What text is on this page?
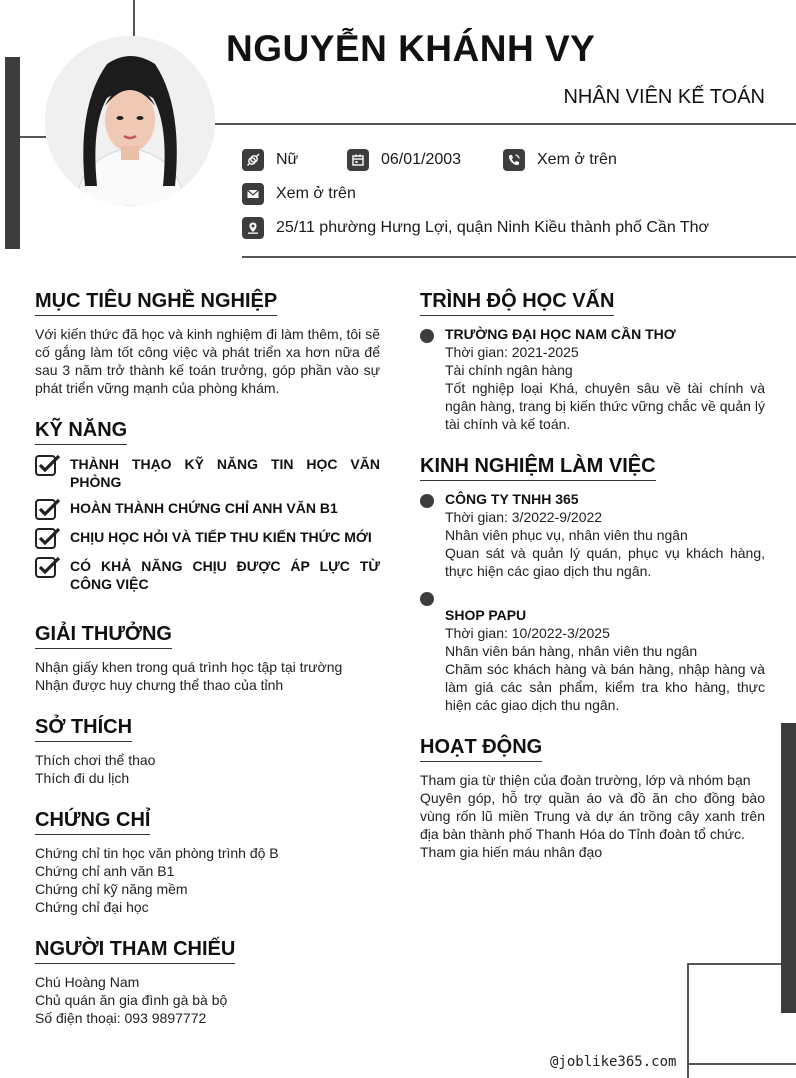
NGUYỄN KHÁNH VY
NHÂN VIÊN KẾ TOÁN
Nữ	06/01/2003	Xem ở trên
Xem ở trên
25/11 phường Hưng Lợi, quận Ninh Kiều thành phố Cần Thơ
MỤC TIÊU NGHỀ NGHIỆP
Với kiến thức đã học và kinh nghiệm đi làm thêm, tôi sẽ cố gắng làm tốt công việc và phát triển xa hơn nữa để sau 3 năm trở thành kế toán trưởng, góp phần vào sự phát triển vững mạnh của phòng khám.
KỸ NĂNG
THÀNH THẠO KỸ NĂNG TIN HỌC VĂN PHÒNG
HOÀN THÀNH CHỨNG CHỈ ANH VĂN B1
CHỊU HỌC HỎI VÀ TIẾP THU KIẾN THỨC MỚI
CÓ KHẢ NĂNG CHỊU ĐƯỢC ÁP LỰC TỪ CÔNG VIỆC
GIẢI THƯỞNG
Nhận giấy khen trong quá trình học tập tại trường
Nhận được huy chưng thể thao của tỉnh
SỞ THÍCH
Thích chơi thể thao
Thích đi du lịch
CHỨNG CHỈ
Chứng chỉ tin học văn phòng trình độ B
Chứng chỉ anh văn B1
Chứng chỉ kỹ năng mềm
Chứng chỉ đại học
NGƯỜI THAM CHIẾU
Chú Hoàng Nam
Chủ quán ăn gia đình gà bà bộ
Số điện thoại: 093 9897772
TRÌNH ĐỘ HỌC VẤN
TRƯỜNG ĐẠI HỌC NAM CẦN THƠ
Thời gian: 2021-2025
Tài chính ngân hàng
Tốt nghiệp loại Khá, chuyên sâu về tài chính và ngân hàng, trang bị kiến thức vững chắc về quản lý tài chính và kế toán.
KINH NGHIỆM LÀM VIỆC
CÔNG TY TNHH 365
Thời gian: 3/2022-9/2022
Nhân viên phục vụ, nhân viên thu ngân
Quan sát và quản lý quán, phục vụ khách hàng, thực hiện các giao dịch thu ngân.
SHOP PAPU
Thời gian: 10/2022-3/2025
Nhân viên bán hàng, nhân viên thu ngân
Chăm sóc khách hàng và bán hàng, nhập hàng và làm giá các sản phẩm, kiểm tra kho hàng, thực hiện các giao dịch thu ngân.
HOẠT ĐỘNG
Tham gia từ thiện của đoàn trường, lớp và nhóm bạn
Quyên góp, hỗ trợ quần áo và đồ ăn cho đồng bào vùng rốn lũ miền Trung và dự án trồng cây xanh trên địa bàn thành phố Thanh Hóa do Tỉnh đoàn tổ chức.
Tham gia hiến máu nhân đạo
@joblike365.com
